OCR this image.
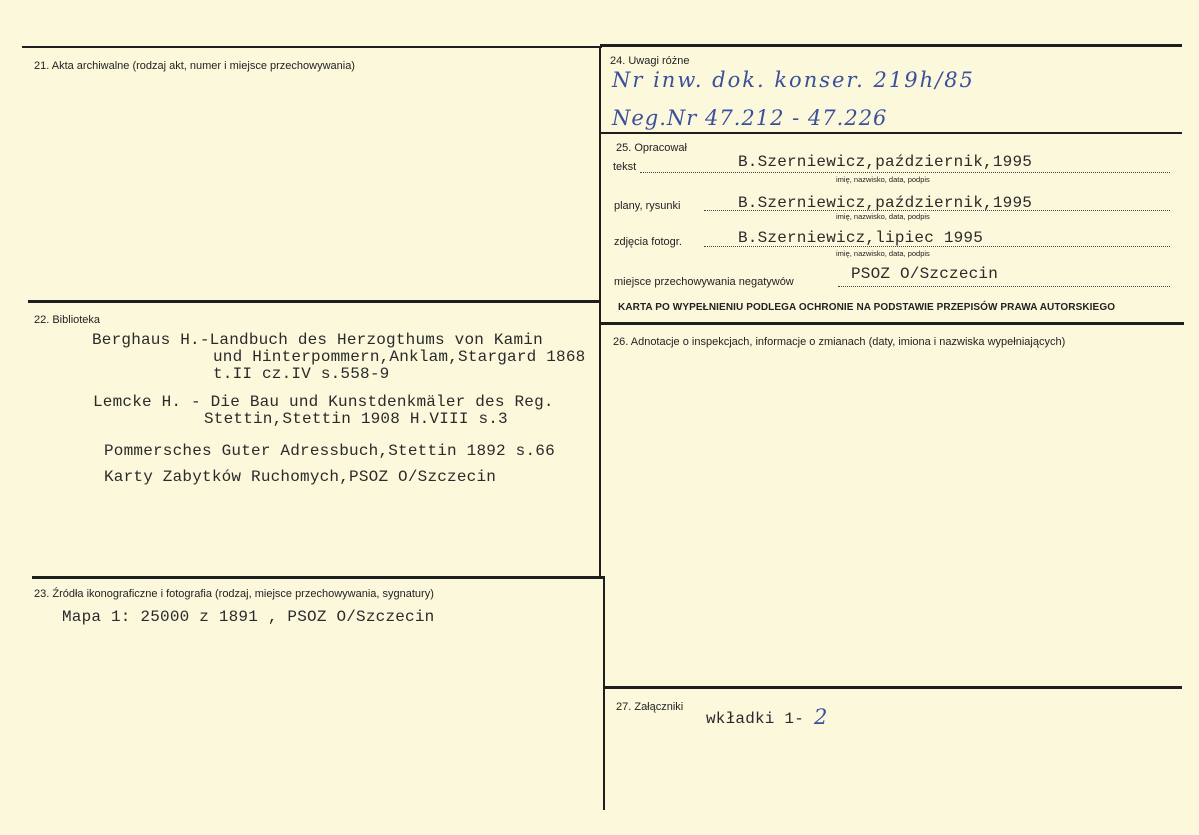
21. Akta archiwalne (rodzaj akt, numer i miejsce przechowywania)
22. Biblioteka
Berghaus H.-Landbuch des Herzogthums von Kamin
und Hinterpommern,Anklam,Stargard 1868
t.II cz.IV s.558-9
Lemcke H. - Die Bau und Kunstdenkmäler des Reg.
Stettin,Stettin 1908 H.VIII s.3
Pommersches Guter Adressbuch,Stettin 1892 s.66
Karty Zabytków Ruchomych,PSOZ O/Szczecin
23. Źródła ikonograficzne i fotografia (rodzaj, miejsce przechowywania, sygnatury)
Mapa 1: 25000 z 1891 , PSOZ O/Szczecin
24. Uwagi różne
Nr inw. dok. konser. 219h/85
Neg.Nr 47.212 - 47.226
25. Opracował
tekst	B.Szerniewicz,październik,1995
imię, nazwisko, data, podpis
plany, rysunki	B.Szerniewicz,październik,1995
imię, nazwisko, data, podpis
zdjęcia fotogr.	B.Szerniewicz,lipiec 1995
imię, nazwisko, data, podpis
miejsce przechowywania negatywów	PSOZ O/Szczecin
KARTA PO WYPEŁNIENIU PODLEGA OCHRONIE NA PODSTAWIE PRZEPISÓW PRAWA AUTORSKIEGO
26. Adnotacje o inspekcjach, informacje o zmianach (daty, imiona i nazwiska wypełniających)
27. Załączniki
wkładki 1- 2
